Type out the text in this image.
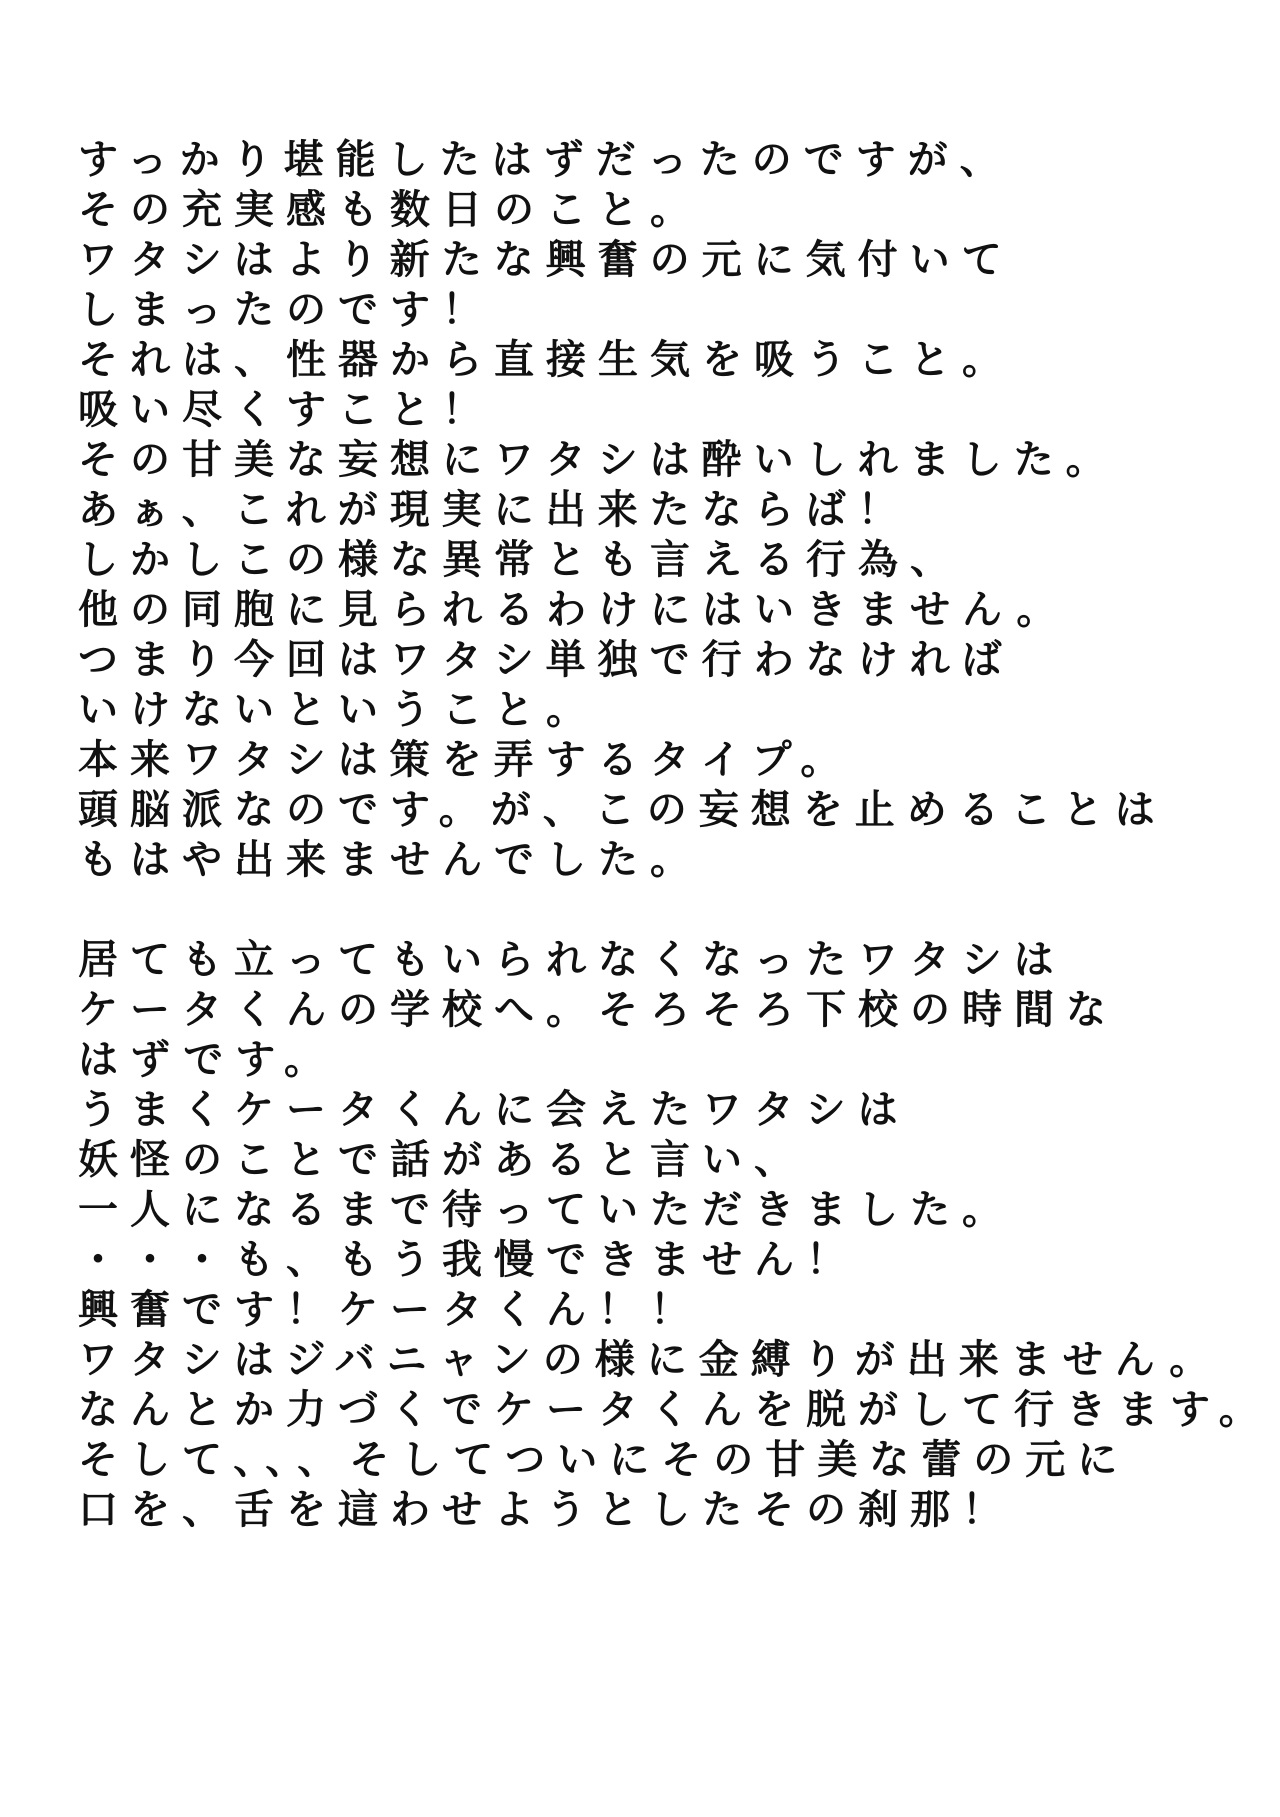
すっかり堪能したはずだったのですが、
その充実感も数日のこと。
ワタシはより新たな興奮の元に気付いて
しまったのです！
それは、性器から直接生気を吸うこと。
吸い尽くすこと！
その甘美な妄想にワタシは酔いしれました。
あぁ、これが現実に出来たならば！
しかしこの様な異常とも言える行為、
他の同胞に見られるわけにはいきません。
つまり今回はワタシ単独で行わなければ
いけないということ。
本来ワタシは策を弄するタイプ。
頭脳派なのです。が、この妄想を止めることは
もはや出来ませんでした。
居ても立ってもいられなくなったワタシは
ケータくんの学校へ。そろそろ下校の時間な
はずです。
うまくケータくんに会えたワタシは
妖怪のことで話があると言い、
一人になるまで待っていただきました。
・・・も、もう我慢できません！
興奮です！ケータくん！！
ワタシはジバニャンの様に金縛りが出来ません。
なんとか力づくでケータくんを脱がして行きます。
そして、、、そしてついにその甘美な蕾の元に
口を、舌を這わせようとしたその刹那！
